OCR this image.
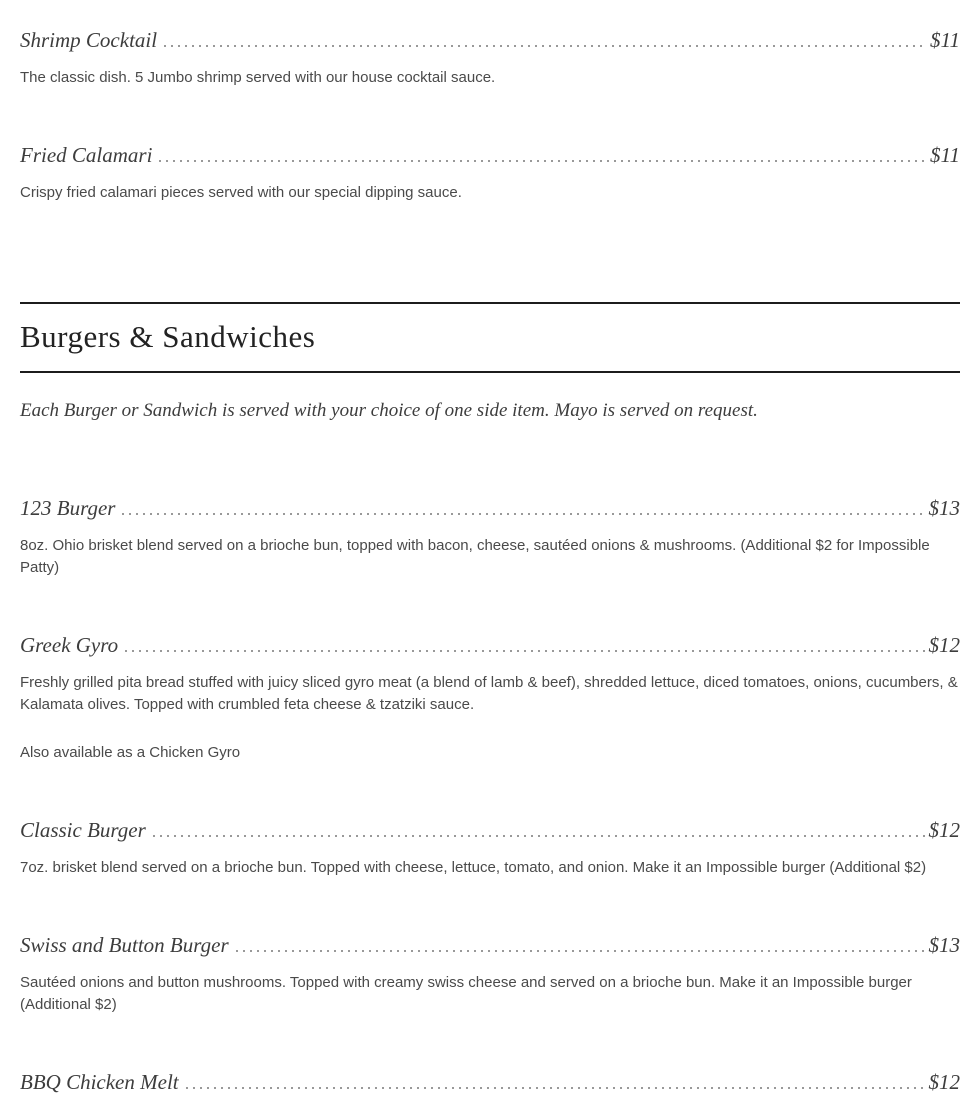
Shrimp Cocktail	$11

The classic dish. 5 Jumbo shrimp served with our house cocktail sauce.

Fried Calamari	$11

Crispy fried calamari pieces served with our special dipping sauce.

Burgers & Sandwiches

Each Burger or Sandwich is served with your choice of one side item. Mayo is served on request.

123 Burger	$13

8oz. Ohio brisket blend served on a brioche bun, topped with bacon, cheese, sautéed onions & mushrooms. (Additional $2 for Impossible Patty)

Greek Gyro	$12

Freshly grilled pita bread stuffed with juicy sliced gyro meat (a blend of lamb & beef), shredded lettuce, diced tomatoes, onions, cucumbers, & Kalamata olives. Topped with crumbled feta cheese & tzatziki sauce.

Also available as a Chicken Gyro

Classic Burger	$12

7oz. brisket blend served on a brioche bun. Topped with cheese, lettuce, tomato, and onion. Make it an Impossible burger (Additional $2)

Swiss and Button Burger	$13

Sautéed onions and button mushrooms. Topped with creamy swiss cheese and served on a brioche bun. Make it an Impossible burger (Additional $2)

BBQ Chicken Melt	$12
